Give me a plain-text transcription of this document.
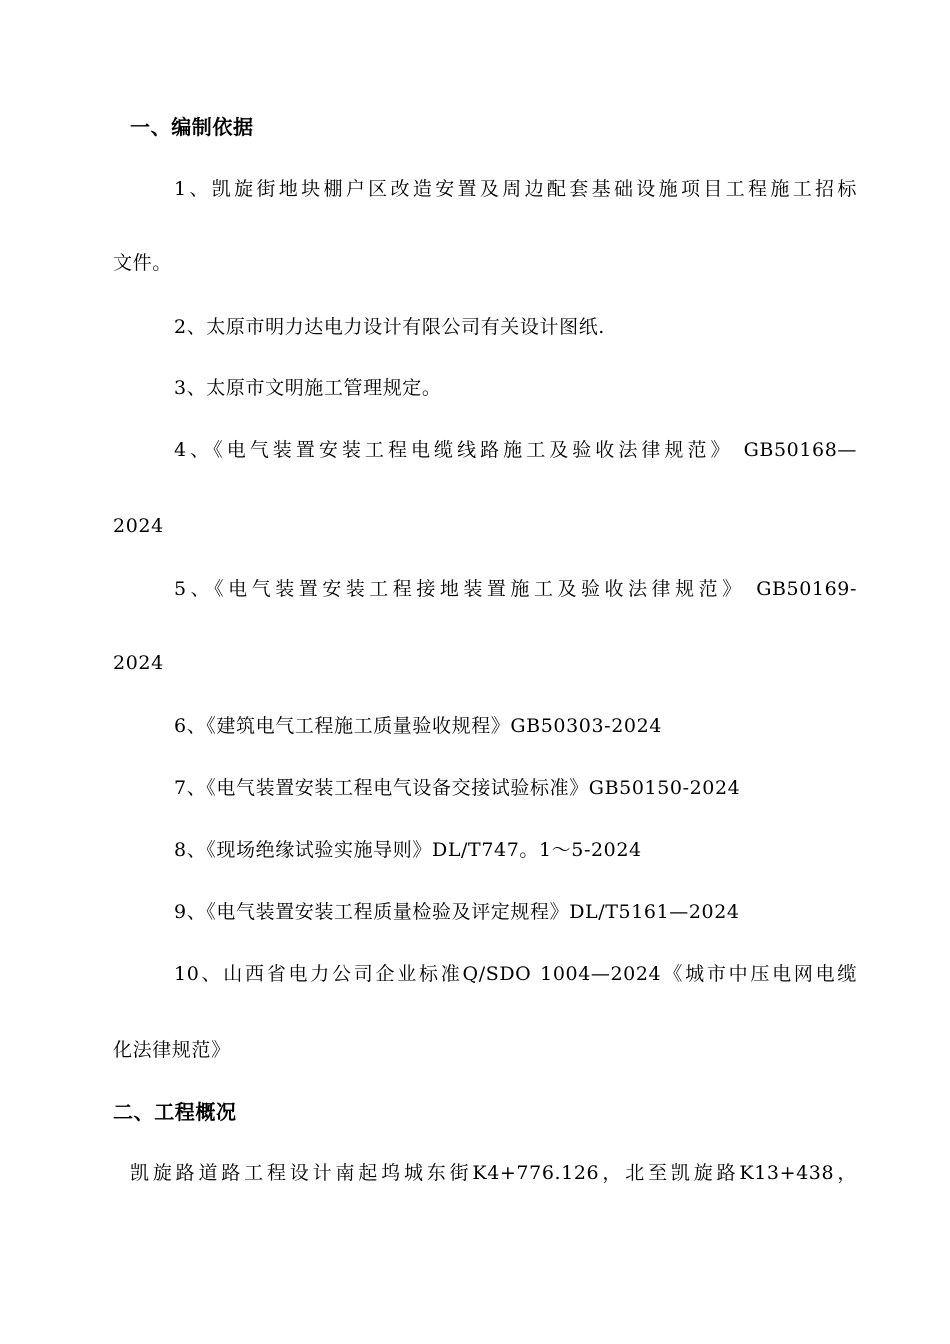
一、编制依据
1、凯旋街地块棚户区改造安置及周边配套基础设施项目工程施工招标
文件。
2、太原市明力达电力设计有限公司有关设计图纸.
3、太原市文明施工管理规定。
4、《电气装置安装工程电缆线路施工及验收法律规范》 GB50168—
2024
5、《电气装置安装工程接地装置施工及验收法律规范》 GB50169-
2024
6、《建筑电气工程施工质量验收规程》GB50303-2024
7、《电气装置安装工程电气设备交接试验标准》GB50150-2024
8、《现场绝缘试验实施导则》DL/T747。1～5-2024
9、《电气装置安装工程质量检验及评定规程》DL/T5161—2024
10、山西省电力公司企业标准Q/SDO 1004—2024《城市中压电网电缆
化法律规范》
二、工程概况
凯旋路道路工程设计南起坞城东街K4+776.126，北至凯旋路K13+438，
